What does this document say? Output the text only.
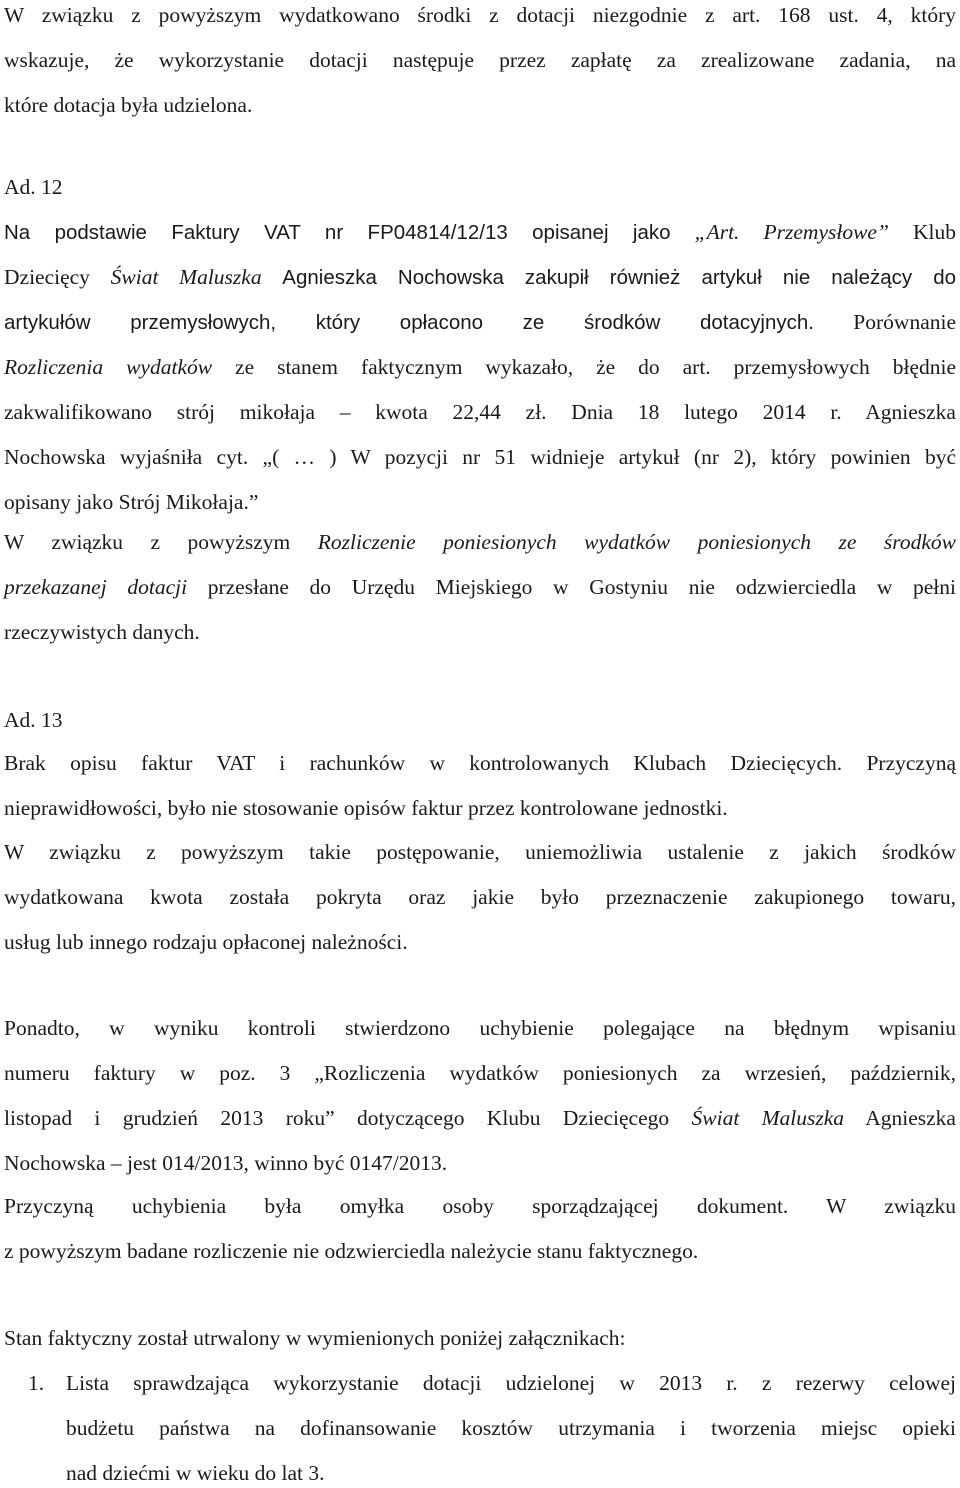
W związku z powyższym wydatkowano środki z dotacji niezgodnie z art. 168 ust. 4, który
wskazuje, że wykorzystanie dotacji następuje przez zapłatę za zrealizowane zadania, na
które dotacja była udzielona.
Ad. 12
Na podstawie Faktury VAT nr FP04814/12/13 opisanej jako „Art. Przemysłowe” Klub
Dziecięcy Świat Maluszka Agnieszka Nochowska zakupił również artykuł nie należący do
artykułów przemysłowych, który opłacono ze środków dotacyjnych. Porównanie
Rozliczenia wydatków ze stanem faktycznym wykazało, że do art. przemysłowych błędnie
zakwalifikowano strój mikołaja – kwota 22,44 zł. Dnia 18 lutego 2014 r. Agnieszka
Nochowska wyjaśniła cyt. „( … ) W pozycji nr 51 widnieje artykuł (nr 2), który powinien być
opisany jako Strój Mikołaja.”
W związku z powyższym Rozliczenie poniesionych wydatków poniesionych ze środków
przekazanej dotacji przesłane do Urzędu Miejskiego w Gostyniu nie odzwierciedla w pełni
rzeczywistych danych.
Ad. 13
Brak opisu faktur VAT i rachunków w kontrolowanych Klubach Dziecięcych. Przyczyną
nieprawidłowości, było nie stosowanie opisów faktur przez kontrolowane jednostki.
W związku z powyższym takie postępowanie, uniemożliwia ustalenie z jakich środków
wydatkowana kwota została pokryta oraz jakie było przeznaczenie zakupionego towaru,
usług lub innego rodzaju opłaconej należności.
Ponadto, w wyniku kontroli stwierdzono uchybienie polegające na błędnym wpisaniu
numeru faktury w poz. 3 „Rozliczenia wydatków poniesionych za wrzesień, październik,
listopad i grudzień 2013 roku” dotyczącego Klubu Dziecięcego Świat Maluszka Agnieszka
Nochowska – jest 014/2013, winno być 0147/2013.
Przyczyną uchybienia była omyłka osoby sporządzającej dokument. W związku
z powyższym badane rozliczenie nie odzwierciedla należycie stanu faktycznego.
Stan faktyczny został utrwalony w wymienionych poniżej załącznikach:
1. Lista sprawdzająca wykorzystanie dotacji udzielonej w 2013 r. z rezerwy celowej
budżetu państwa na dofinansowanie kosztów utrzymania i tworzenia miejsc opieki
nad dziećmi w wieku do lat 3.
